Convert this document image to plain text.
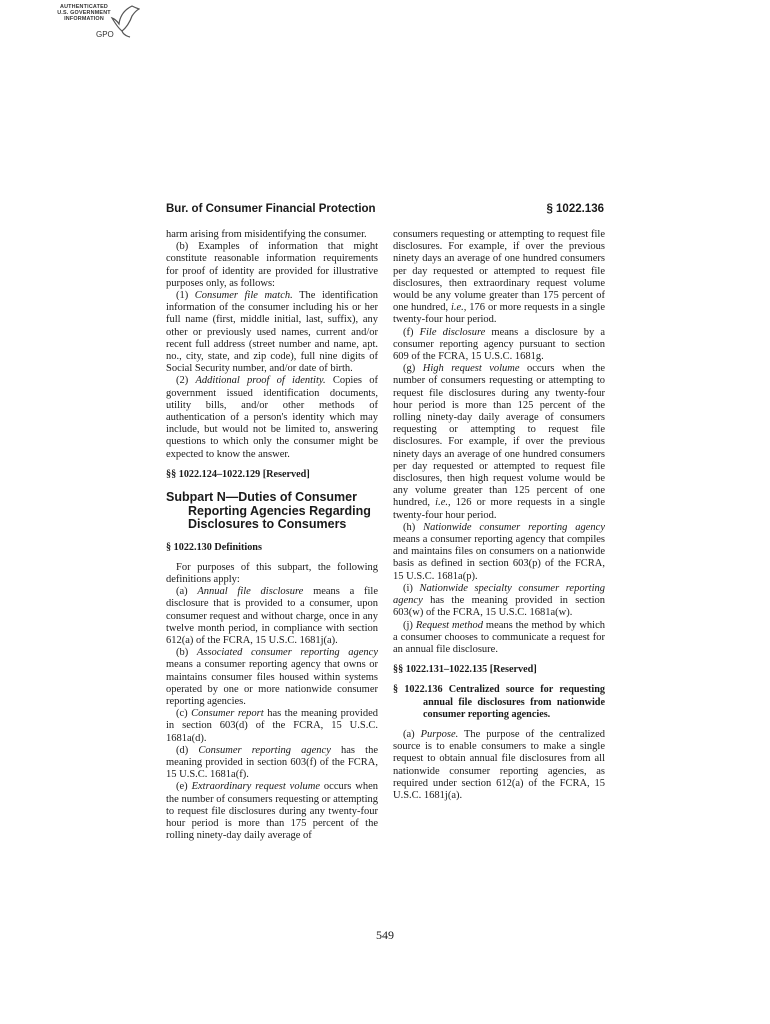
AUTHENTICATED
U.S. GOVERNMENT
INFORMATION
GPO
Bur. of Consumer Financial Protection	§ 1022.136

harm arising from misidentifying the consumer.

(b) Examples of information that might constitute reasonable information requirements for proof of identity are provided for illustrative purposes only, as follows:

(1) Consumer file match. The identification information of the consumer including his or her full name (first, middle initial, last, suffix), any other or previously used names, current and/or recent full address (street number and name, apt. no., city, state, and zip code), full nine digits of Social Security number, and/or date of birth.

(2) Additional proof of identity. Copies of government issued identification documents, utility bills, and/or other methods of authentication of a person's identity which may include, but would not be limited to, answering questions to which only the consumer might be expected to know the answer.

§§ 1022.124–1022.129 [Reserved]

Subpart N—Duties of Consumer Reporting Agencies Regarding Disclosures to Consumers

§ 1022.130 Definitions

For purposes of this subpart, the following definitions apply:

(a) Annual file disclosure means a file disclosure that is provided to a consumer, upon consumer request and without charge, once in any twelve month period, in compliance with section 612(a) of the FCRA, 15 U.S.C. 1681j(a).

(b) Associated consumer reporting agency means a consumer reporting agency that owns or maintains consumer files housed within systems operated by one or more nationwide consumer reporting agencies.

(c) Consumer report has the meaning provided in section 603(d) of the FCRA, 15 U.S.C. 1681a(d).

(d) Consumer reporting agency has the meaning provided in section 603(f) of the FCRA, 15 U.S.C. 1681a(f).

(e) Extraordinary request volume occurs when the number of consumers requesting or attempting to request file disclosures during any twenty-four hour period is more than 175 percent of the rolling ninety-day daily average of

consumers requesting or attempting to request file disclosures. For example, if over the previous ninety days an average of one hundred consumers per day requested or attempted to request file disclosures, then extraordinary request volume would be any volume greater than 175 percent of one hundred, i.e., 176 or more requests in a single twenty-four hour period.

(f) File disclosure means a disclosure by a consumer reporting agency pursuant to section 609 of the FCRA, 15 U.S.C. 1681g.

(g) High request volume occurs when the number of consumers requesting or attempting to request file disclosures during any twenty-four hour period is more than 125 percent of the rolling ninety-day daily average of consumers requesting or attempting to request file disclosures. For example, if over the previous ninety days an average of one hundred consumers per day requested or attempted to request file disclosures, then high request volume would be any volume greater than 125 percent of one hundred, i.e., 126 or more requests in a single twenty-four hour period.

(h) Nationwide consumer reporting agency means a consumer reporting agency that compiles and maintains files on consumers on a nationwide basis as defined in section 603(p) of the FCRA, 15 U.S.C. 1681a(p).

(i) Nationwide specialty consumer reporting agency has the meaning provided in section 603(w) of the FCRA, 15 U.S.C. 1681a(w).

(j) Request method means the method by which a consumer chooses to communicate a request for an annual file disclosure.

§§ 1022.131–1022.135 [Reserved]

§ 1022.136 Centralized source for requesting annual file disclosures from nationwide consumer reporting agencies.

(a) Purpose. The purpose of the centralized source is to enable consumers to make a single request to obtain annual file disclosures from all nationwide consumer reporting agencies, as required under section 612(a) of the FCRA, 15 U.S.C. 1681j(a).

549
